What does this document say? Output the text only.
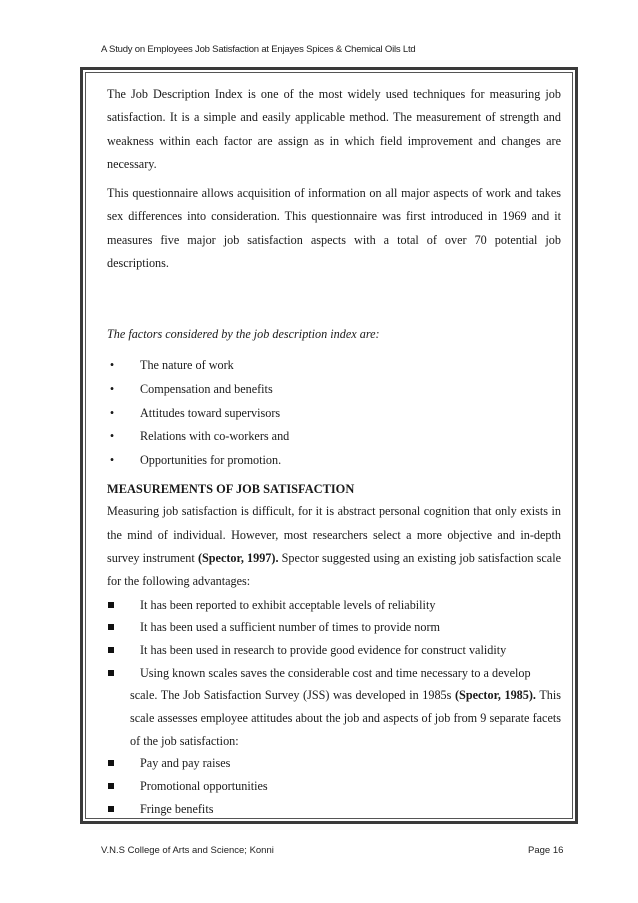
A Study on Employees Job Satisfaction at Enjayes Spices & Chemical Oils Ltd

The Job Description Index is one of the most widely used techniques for measuring job satisfaction. It is a simple and easily applicable method. The measurement of strength and weakness within each factor are assign as in which field improvement and changes are necessary.

This questionnaire allows acquisition of information on all major aspects of work and takes sex differences into consideration. This questionnaire was first introduced in 1969 and it measures five major job satisfaction aspects with a total of over 70 potential job descriptions.

The factors considered by the job description index are:

• The nature of work
• Compensation and benefits
• Attitudes toward supervisors
• Relations with co-workers and
• Opportunities for promotion.

MEASUREMENTS OF JOB SATISFACTION

Measuring job satisfaction is difficult, for it is abstract personal cognition that only exists in the mind of individual. However, most researchers select a more objective and in-depth survey instrument (Spector, 1997). Spector suggested using an existing job satisfaction scale for the following advantages:

It has been reported to exhibit acceptable levels of reliability
It has been used a sufficient number of times to provide norm
It has been used in research to provide good evidence for construct validity
Using known scales saves the considerable cost and time necessary to a develop
scale. The Job Satisfaction Survey (JSS) was developed in 1985s (Spector, 1985). This scale assesses employee attitudes about the job and aspects of job from 9 separate facets of the job satisfaction:
Pay and pay raises
Promotional opportunities
Fringe benefits
V.N.S College of Arts and Science; Konni	Page 16
